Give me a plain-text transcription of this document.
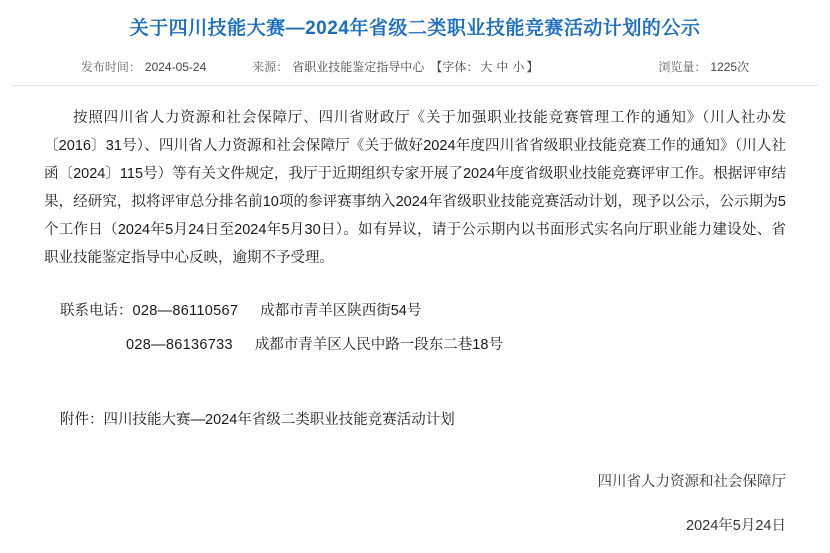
关于四川技能大赛—2024年省级二类职业技能竞赛活动计划的公示
发布时间： 2024-05-24	来源： 省职业技能鉴定指导中心 【字体： 大 中 小 】	浏览量： 1225次

按照四川省人力资源和社会保障厅、四川省财政厅《关于加强职业技能竞赛管理工作的通知》（川人社办发〔2016〕31号）、四川省人力资源和社会保障厅《关于做好2024年度四川省省级职业技能竞赛工作的通知》（川人社函〔2024〕115号）等有关文件规定，我厅于近期组织专家开展了2024年度省级职业技能竞赛评审工作。根据评审结果，经研究，拟将评审总分排名前10项的参评赛事纳入2024年省级职业技能竞赛活动计划，现予以公示，公示期为5个工作日（2024年5月24日至2024年5月30日）。如有异议，请于公示期内以书面形式实名向厅职业能力建设处、省职业技能鉴定指导中心反映，逾期不予受理。

联系电话：028—86110567 成都市青羊区陕西街54号
028—86136733 成都市青羊区人民中路一段东二巷18号
附件：四川技能大赛—2024年省级二类职业技能竞赛活动计划
四川省人力资源和社会保障厅
2024年5月24日
